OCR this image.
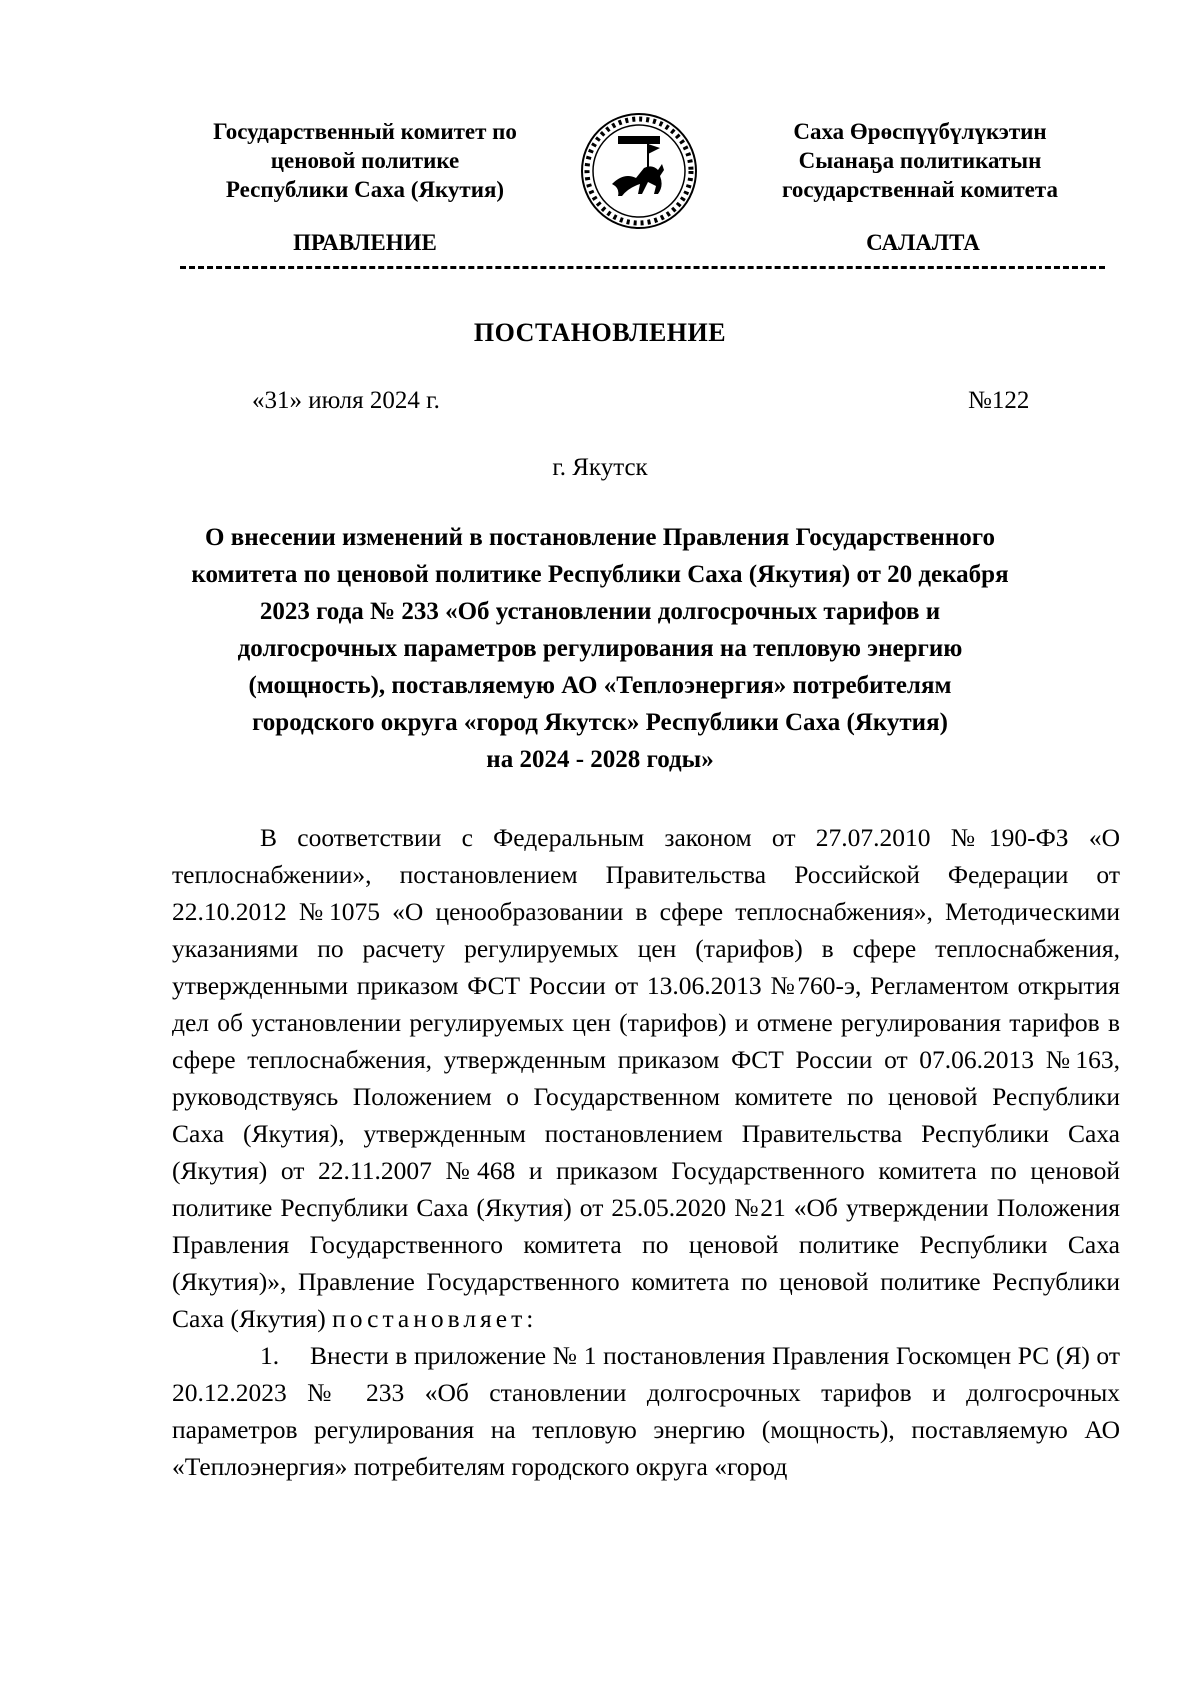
Государственный комитет по
ценовой политике
Республики Саха (Якутия)
Саха Өрөспүүбүлүкэтин
Сыанаҕа политикатын
государственнай комитета
ПРАВЛЕНИЕ	САЛАЛТА
ПОСТАНОВЛЕНИЕ
«31» июля 2024 г.	№122
г. Якутск
О внесении изменений в постановление Правления Государственного
комитета по ценовой политике Республики Саха (Якутия) от 20 декабря
2023 года № 233 «Об установлении долгосрочных тарифов и
долгосрочных параметров регулирования на тепловую энергию
(мощность), поставляемую АО «Теплоэнергия» потребителям
городского округа «город Якутск» Республики Саха (Якутия)
на 2024 - 2028 годы»

В соответствии с Федеральным законом от 27.07.2010 №190-ФЗ «О теплоснабжении», постановлением Правительства Российской Федерации от 22.10.2012 №1075 «О ценообразовании в сфере теплоснабжения», Методическими указаниями по расчету регулируемых цен (тарифов) в сфере теплоснабжения, утвержденными приказом ФСТ России от 13.06.2013 №760-э, Регламентом открытия дел об установлении регулируемых цен (тарифов) и отмене регулирования тарифов в сфере теплоснабжения, утвержденным приказом ФСТ России от 07.06.2013 №163, руководствуясь Положением о Государственном комитете по ценовой Республики Саха (Якутия), утвержденным постановлением Правительства Республики Саха (Якутия) от 22.11.2007 №468 и приказом Государственного комитета по ценовой политике Республики Саха (Якутия) от 25.05.2020 №21 «Об утверждении Положения Правления Государственного комитета по ценовой политике Республики Саха (Якутия)», Правление Государственного комитета по ценовой политике Республики Саха (Якутия) постановляет:

1. Внести в приложение № 1 постановления Правления Госкомцен РС (Я) от 20.12.2023 № 233 «Об становлении долгосрочных тарифов и долгосрочных параметров регулирования на тепловую энергию (мощность), поставляемую АО «Теплоэнергия» потребителям городского округа «город
